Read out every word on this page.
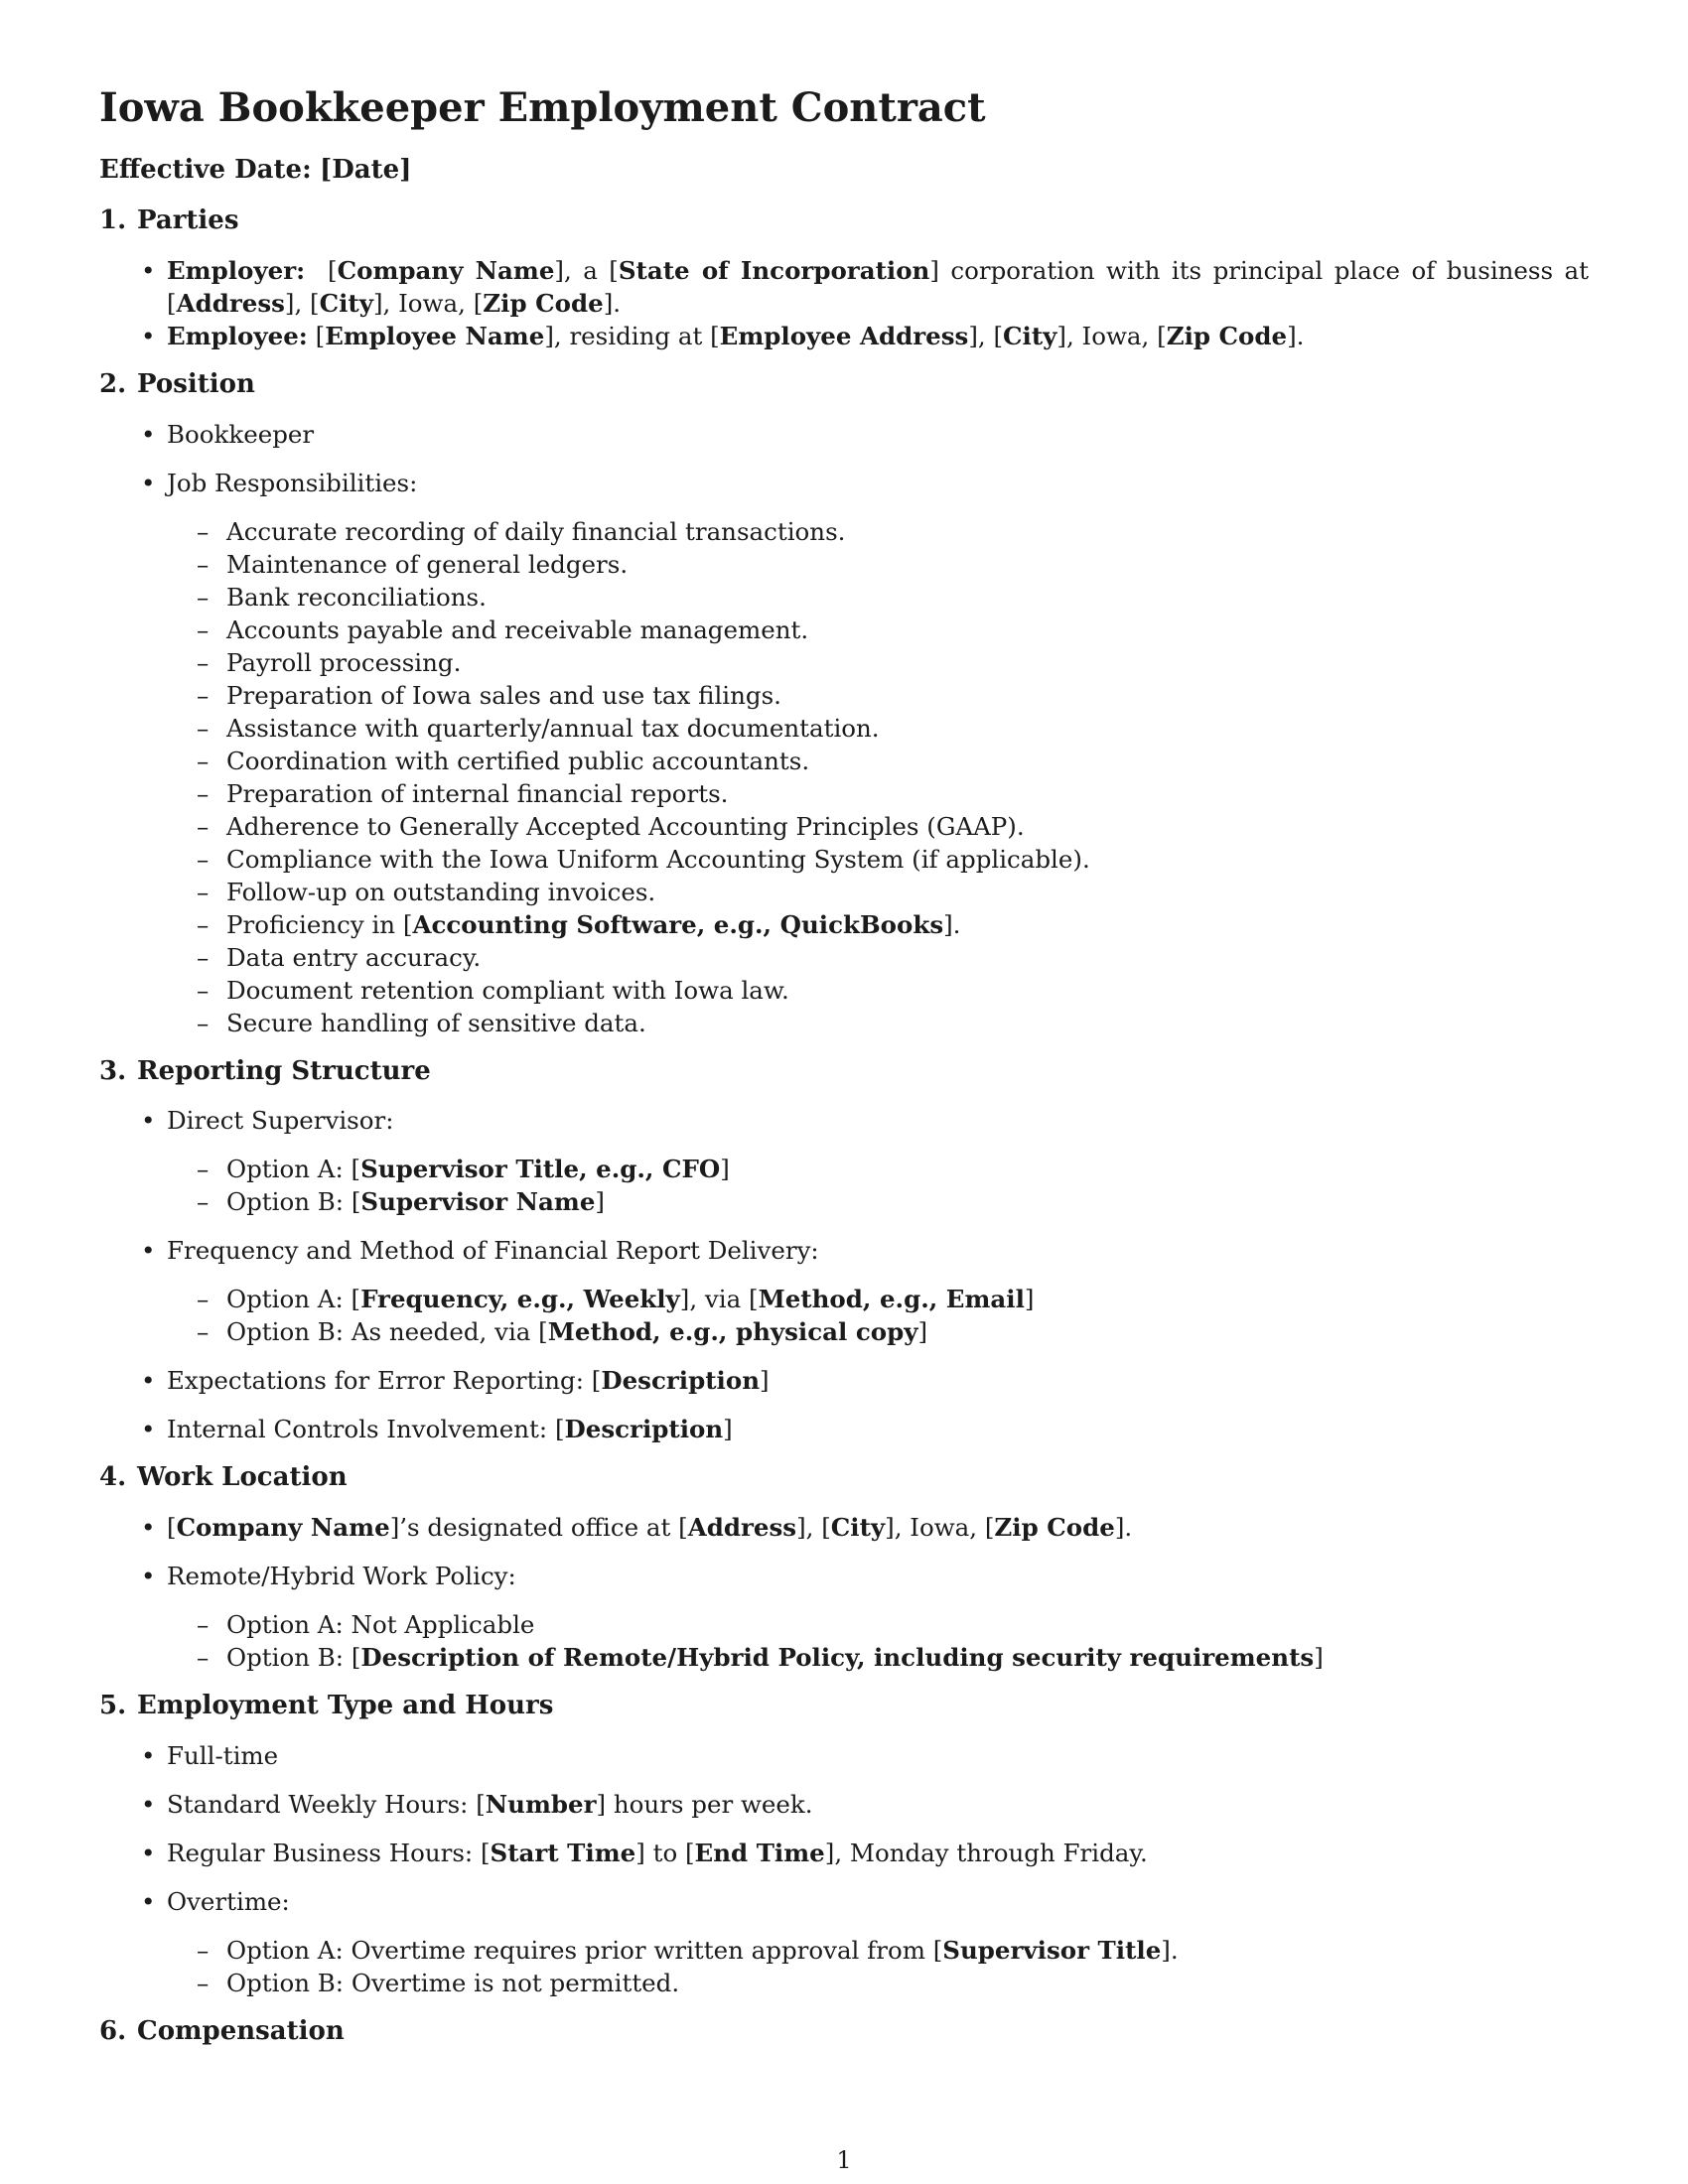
Iowa Bookkeeper Employment Contract
Effective Date: [Date]
1. Parties
• Employer:  [Company Name], a [State of Incorporation] corporation with its principal place of business at [Address], [City], Iowa, [Zip Code].
• Employee: [Employee Name], residing at [Employee Address], [City], Iowa, [Zip Code].
2. Position
• Bookkeeper
• Job Responsibilities:
– Accurate recording of daily financial transactions.
– Maintenance of general ledgers.
– Bank reconciliations.
– Accounts payable and receivable management.
– Payroll processing.
– Preparation of Iowa sales and use tax filings.
– Assistance with quarterly/annual tax documentation.
– Coordination with certified public accountants.
– Preparation of internal financial reports.
– Adherence to Generally Accepted Accounting Principles (GAAP).
– Compliance with the Iowa Uniform Accounting System (if applicable).
– Follow-up on outstanding invoices.
– Proficiency in [Accounting Software, e.g., QuickBooks].
– Data entry accuracy.
– Document retention compliant with Iowa law.
– Secure handling of sensitive data.
3. Reporting Structure
• Direct Supervisor:
– Option A: [Supervisor Title, e.g., CFO]
– Option B: [Supervisor Name]
• Frequency and Method of Financial Report Delivery:
– Option A: [Frequency, e.g., Weekly], via [Method, e.g., Email]
– Option B: As needed, via [Method, e.g., physical copy]
• Expectations for Error Reporting: [Description]
• Internal Controls Involvement: [Description]
4. Work Location
• [Company Name]’s designated office at [Address], [City], Iowa, [Zip Code].
• Remote/Hybrid Work Policy:
– Option A: Not Applicable
– Option B: [Description of Remote/Hybrid Policy, including security requirements]
5. Employment Type and Hours
• Full-time
• Standard Weekly Hours: [Number] hours per week.
• Regular Business Hours: [Start Time] to [End Time], Monday through Friday.
• Overtime:
– Option A: Overtime requires prior written approval from [Supervisor Title].
– Option B: Overtime is not permitted.
6. Compensation
1
